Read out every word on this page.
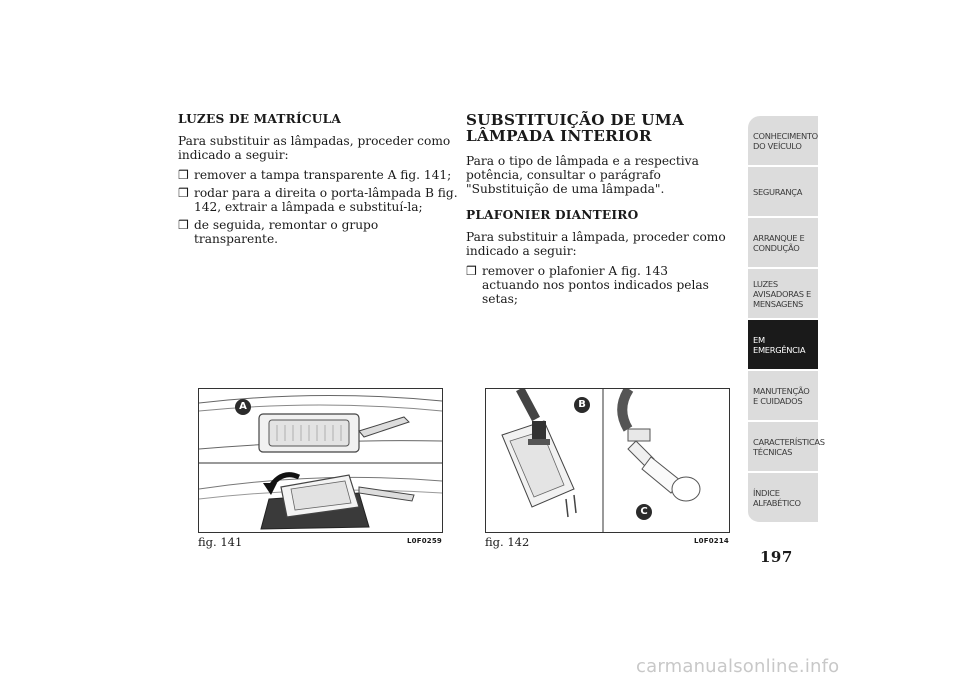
LUZES DE MATRÍCULA

Para substituir as lâmpadas, proceder como indicado a seguir:

❒ remover a tampa transparente A fig. 141;
❒ rodar para a direita o porta-lâmpada B fig. 142, extrair a lâmpada e substituí-la;
❒ de seguida, remontar o grupo transparente.
SUBSTITUIÇÃO DE UMA LÂMPADA INTERIOR

Para o tipo de lâmpada e a respectiva potência, consultar o parágrafo "Substituição de uma lâmpada".

PLAFONIER DIANTEIRO

Para substituir a lâmpada, proceder como indicado a seguir:

❒ remover o plafonier A fig. 143 actuando nos pontos indicados pelas setas;
A
fig. 141	L0F0259
B
C
fig. 142	L0F0214
CONHECIMENTO DO VEÍCULO
SEGURANÇA
ARRANQUE E CONDUÇÃO
LUZES AVISADORAS E MENSAGENS
EM EMERGÊNCIA
MANUTENÇÃO E CUIDADOS
CARACTERÍSTICAS TÉCNICAS
ÍNDICE ALFABÉTICO
197
carmanualsonline.info
